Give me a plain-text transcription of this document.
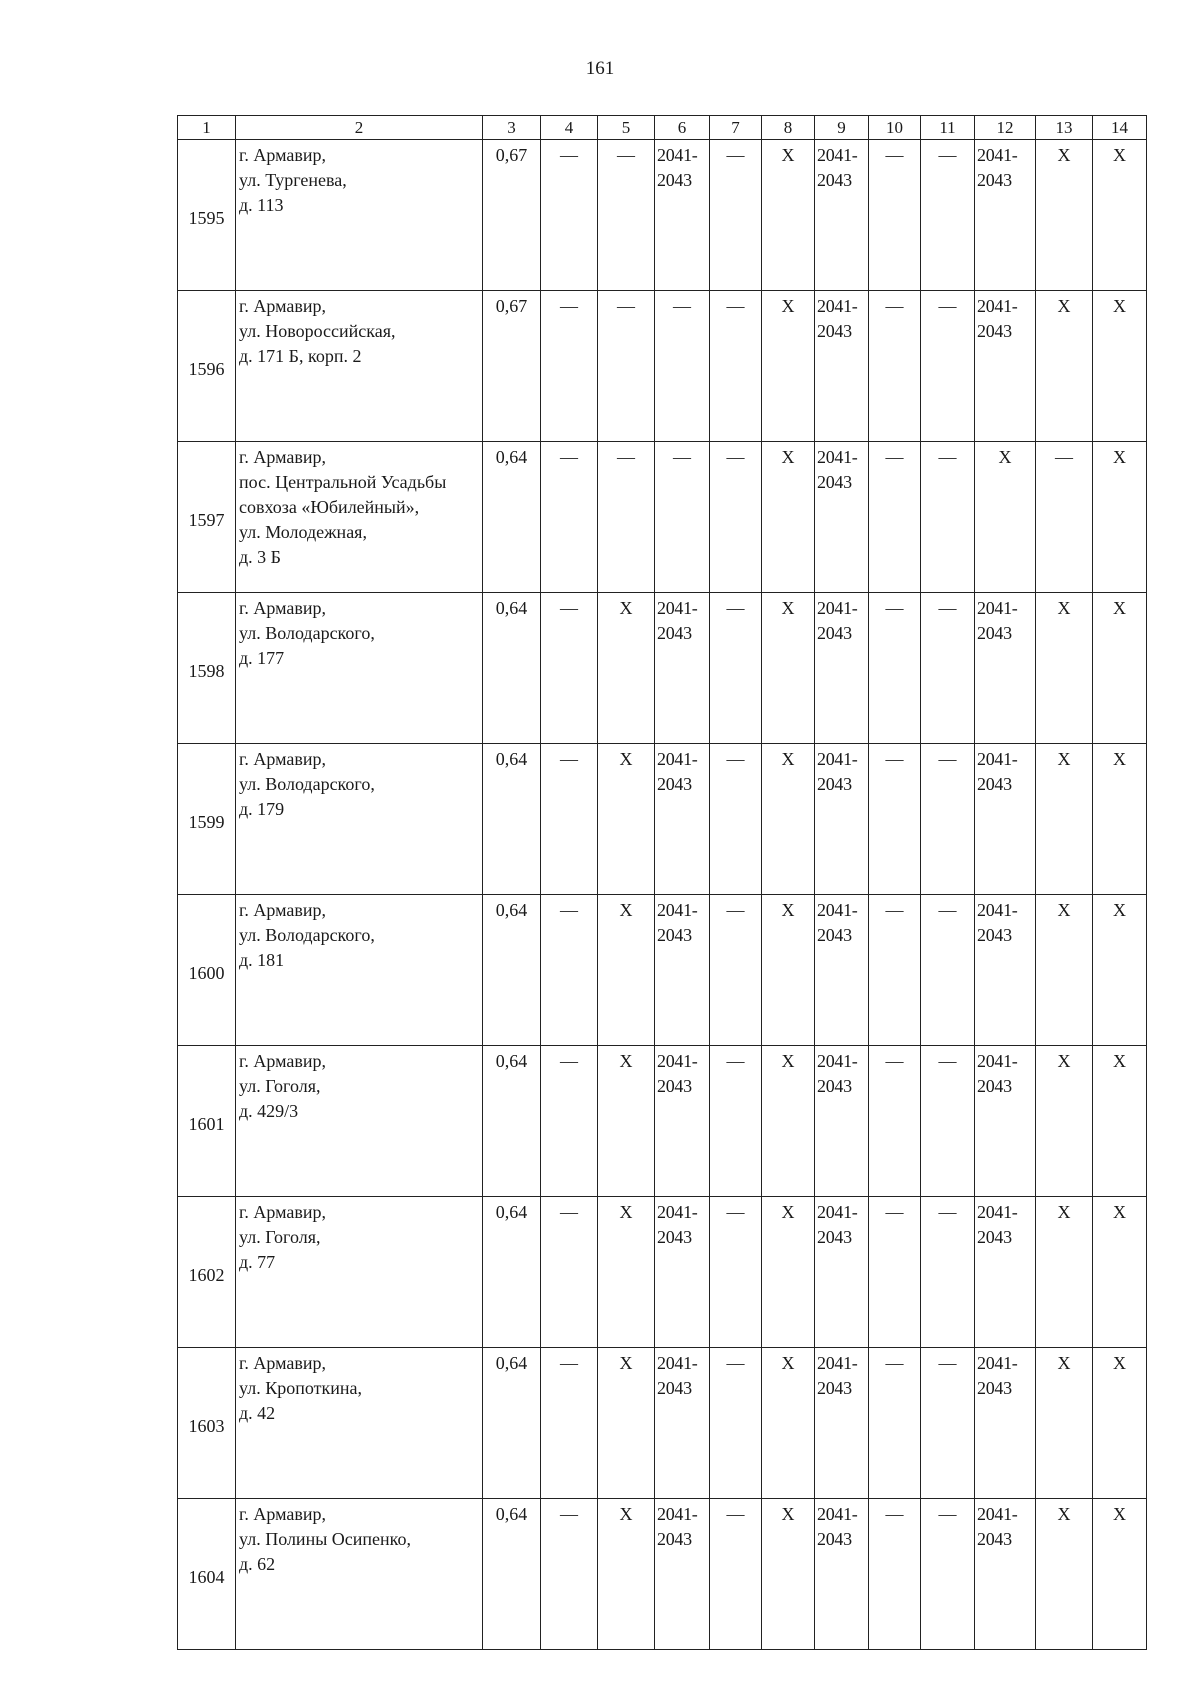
161
1	2	3	4	5	6	7	8	9	10	11	12	13	14
1595	г. Армавир,
ул. Тургенева,
д. 113	0,67	—	—	2041-
2043	—	X	2041-
2043	—	—	2041-
2043	X	X
1596	г. Армавир,
ул. Новороссийская,
д. 171 Б, корп. 2	0,67	—	—	—	—	X	2041-
2043	—	—	2041-
2043	X	X
1597	г. Армавир,
пос. Центральной Усадьбы
совхоза «Юбилейный»,
ул. Молодежная,
д. 3 Б	0,64	—	—	—	—	X	2041-
2043	—	—	X	—	X
1598	г. Армавир,
ул. Володарского,
д. 177	0,64	—	X	2041-
2043	—	X	2041-
2043	—	—	2041-
2043	X	X
1599	г. Армавир,
ул. Володарского,
д. 179	0,64	—	X	2041-
2043	—	X	2041-
2043	—	—	2041-
2043	X	X
1600	г. Армавир,
ул. Володарского,
д. 181	0,64	—	X	2041-
2043	—	X	2041-
2043	—	—	2041-
2043	X	X
1601	г. Армавир,
ул. Гоголя,
д. 429/3	0,64	—	X	2041-
2043	—	X	2041-
2043	—	—	2041-
2043	X	X
1602	г. Армавир,
ул. Гоголя,
д. 77	0,64	—	X	2041-
2043	—	X	2041-
2043	—	—	2041-
2043	X	X
1603	г. Армавир,
ул. Кропоткина,
д. 42	0,64	—	X	2041-
2043	—	X	2041-
2043	—	—	2041-
2043	X	X
1604	г. Армавир,
ул. Полины Осипенко,
д. 62	0,64	—	X	2041-
2043	—	X	2041-
2043	—	—	2041-
2043	X	X
